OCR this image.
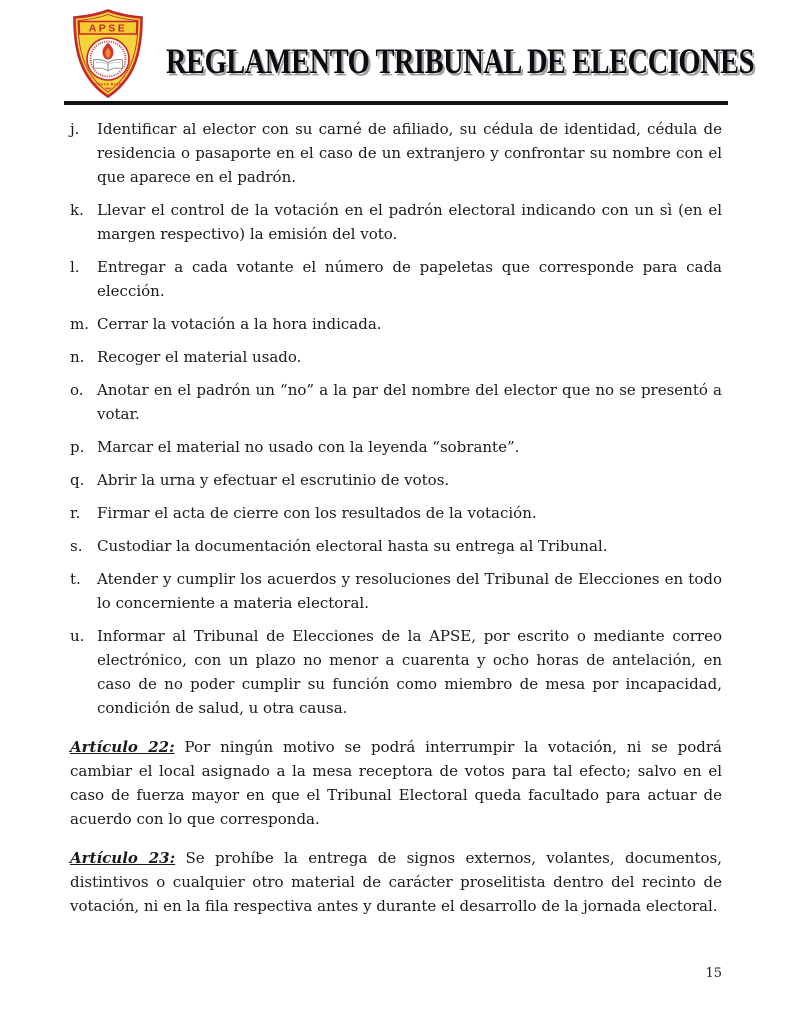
APSE
COSTA RICA
REGLAMENTO TRIBUNAL DE ELECCIONES
j.	Identificar al elector con su carné de afiliado, su cédula de identidad, cédula de residencia o pasaporte en el caso de un extranjero y confrontar su nombre con el que aparece en el padrón.
k. Llevar el control de la votación en el padrón electoral indicando con un sì (en el margen respectivo) la emisión del voto.
l.	Entregar a cada votante el número de papeletas que corresponde para cada elección.
m. Cerrar la votación a la hora indicada.
n. Recoger el material usado.
o. Anotar en el padrón un “no” a la par del nombre del elector que no se presentó a votar.
p. Marcar el material no usado con la leyenda “sobrante”.
q. Abrir la urna y efectuar el escrutinio de votos.
r.	Firmar el acta de cierre con los resultados de la votación.
s. Custodiar la documentación electoral hasta su entrega al Tribunal.
t.	Atender y cumplir los acuerdos y resoluciones del Tribunal de Elecciones en todo lo concerniente a materia electoral.
u. Informar al Tribunal de Elecciones de la APSE, por escrito o mediante correo electrónico, con un plazo no menor a cuarenta y ocho horas de antelación, en caso de no poder cumplir su función como miembro de mesa por incapacidad, condición de salud, u otra causa.

Artículo 22: Por ningún motivo se podrá interrumpir la votación, ni se podrá cambiar el local asignado a la mesa receptora de votos para tal efecto; salvo en el caso de fuerza mayor en que el Tribunal Electoral queda facultado para actuar de acuerdo con lo que corresponda.

Artículo 23: Se prohíbe la entrega de signos externos, volantes, documentos, distintivos o cualquier otro material de carácter proselitista dentro del recinto de votación, ni en la fila respectiva antes y durante el desarrollo de la jornada electoral.

15
